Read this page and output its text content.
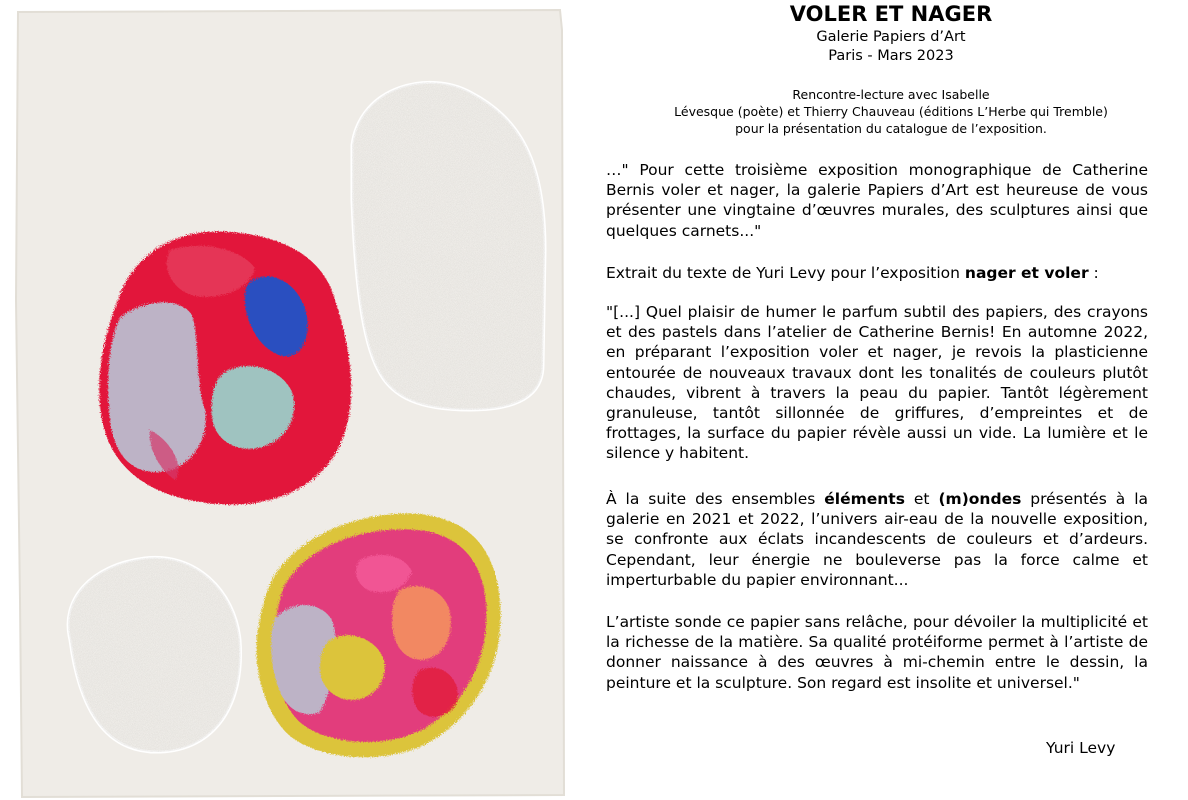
VOLER ET NAGER

Galerie Papiers d’Art

Paris - Mars 2023

Rencontre-lecture avec Isabelle

Lévesque (poète) et Thierry Chauveau (éditions L’Herbe qui Tremble)

pour la présentation du catalogue de l’exposition.

…" Pour cette troisième exposition monographique de Catherine Bernis voler et nager, la galerie Papiers d’Art est heureuse de vous présenter une vingtaine d’œuvres murales, des sculptures ainsi que quelques carnets..."

Extrait du texte de Yuri Levy pour l’exposition nager et voler :

"[...] Quel plaisir de humer le parfum subtil des papiers, des crayons et des pastels dans l’atelier de Catherine Bernis! En automne 2022, en préparant l’exposition voler et nager, je revois la plasticienne entourée de nouveaux travaux dont les tonalités de couleurs plutôt chaudes, vibrent à travers la peau du papier. Tantôt légèrement granuleuse, tantôt sillonnée de griffures, d’empreintes et de frottages, la surface du papier révèle aussi un vide. La lumière et le silence y habitent.

À la suite des ensembles éléments et (m)ondes présentés à la galerie en 2021 et 2022, l’univers air-eau de la nouvelle exposition, se confronte aux éclats incandescents de couleurs et d’ardeurs. Cependant, leur énergie ne bouleverse pas la force calme et imperturbable du papier environnant...

L’artiste sonde ce papier sans relâche, pour dévoiler la multiplicité et la richesse de la matière. Sa qualité protéiforme permet à l’artiste de donner naissance à des œuvres à mi-chemin entre le dessin, la peinture et la sculpture. Son regard est insolite et universel."

Yuri Levy
